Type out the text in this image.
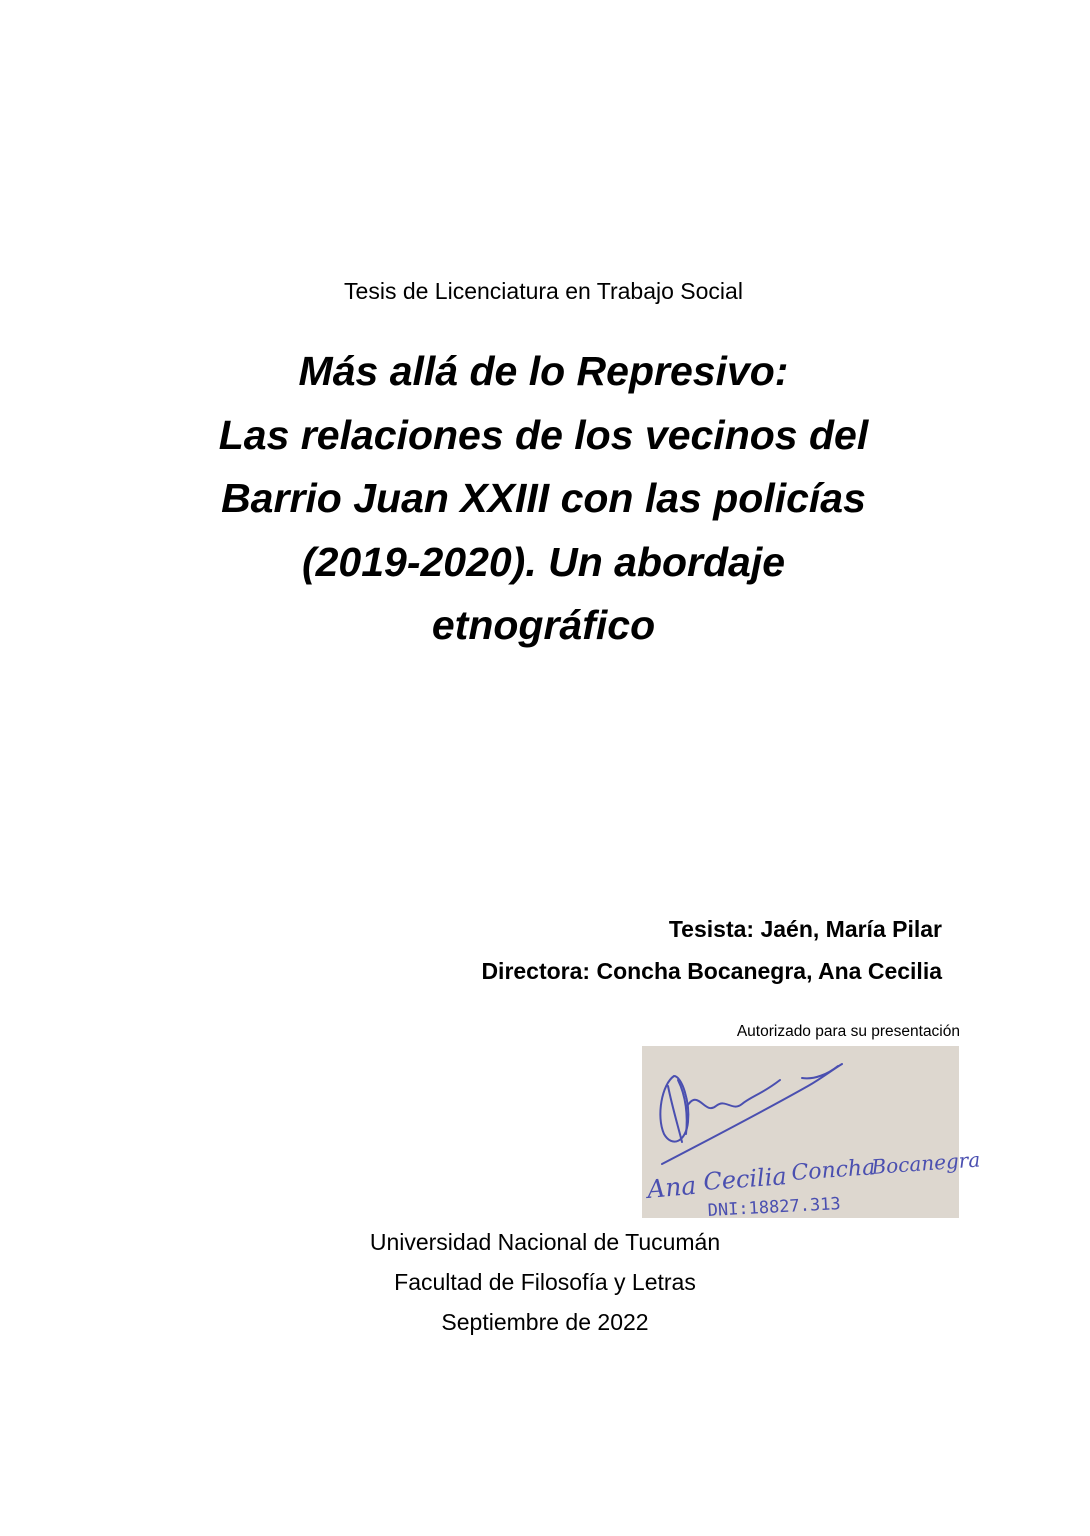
Tesis de Licenciatura en Trabajo Social
Más allá de lo Represivo:
Las relaciones de los vecinos del
Barrio Juan XXIII con las policías
(2019-2020). Un abordaje
etnográfico
Tesista: Jaén, María Pilar
Directora: Concha Bocanegra, Ana Cecilia
Autorizado para su presentación
Ana Cecilia Concha
Bocanegra
DNI:18827.313
Universidad Nacional de Tucumán
Facultad de Filosofía y Letras
Septiembre de 2022
